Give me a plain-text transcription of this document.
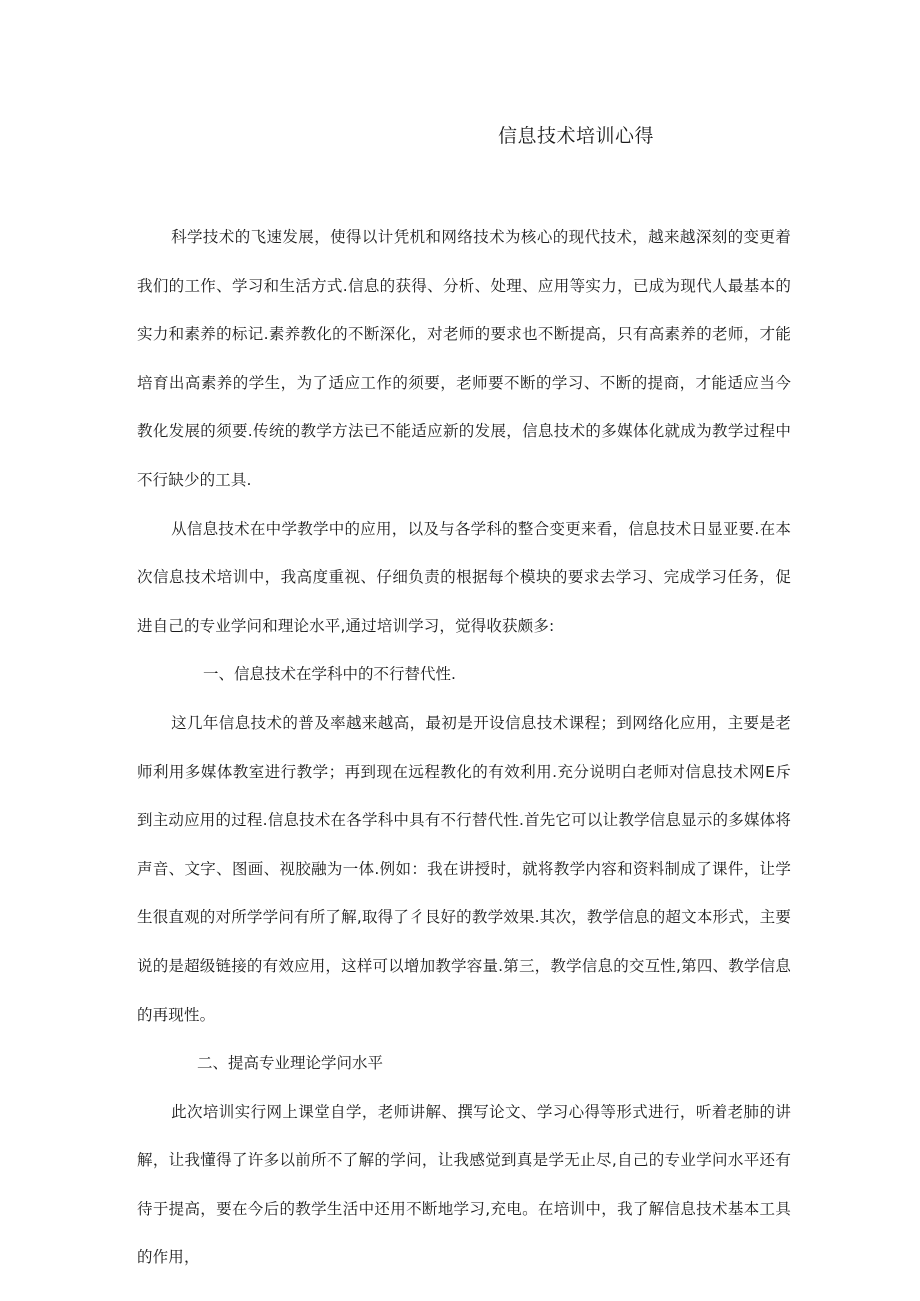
信息技术培训心得

科学技术的飞速发展，使得以计凭机和网络技术为核心的现代技术，越来越深刻的变更着我们的工作、学习和生活方式.信息的获得、分析、处理、应用等实力，已成为现代人最基本的实力和素养的标记.素养教化的不断深化，对老师的要求也不断提高，只有高素养的老师，才能培育出高素养的学生，为了适应工作的须要，老师要不断的学习、不断的提商，才能适应当今教化发展的须要.传统的教学方法已不能适应新的发展，信息技术的多媒体化就成为教学过程中不行缺少的工具.

从信息技术在中学教学中的应用，以及与各学科的整合变更来看，信息技术日显亚要.在本次信息技术培训中，我高度重视、仔细负责的根据每个模块的要求去学习、完成学习任务，促进自己的专业学问和理论水平,通过培训学习，觉得收获颇多:

一、信息技术在学科中的不行替代性.

这几年信息技术的普及率越来越高，最初是开设信息技术课程；到网络化应用，主要是老师利用多媒体教室进行教学；再到现在远程教化的有效利用.充分说明白老师对信息技术网E斥到主动应用的过程.信息技术在各学科中具有不行替代性.首先它可以让教学信息显示的多媒体将声音、文字、图画、视胶融为一体.例如：我在讲授时，就将教学内容和资料制成了课件，让学生很直观的对所学学问有所了解,取得了彳艮好的教学效果.其次，教学信息的超文本形式，主要说的是超级链接的有效应用，这样可以增加教学容量.第三，教学信息的交互性,第四、教学信息的再现性。

二、提高专业理论学问水平

此次培训实行网上课堂自学，老师讲解、撰写论文、学习心得等形式进行，听着老肺的讲解，让我懂得了许多以前所不了解的学问，让我感觉到真是学无止尽,自己的专业学问水平还有待于提高，要在今后的教学生活中还用不断地学习,充电。在培训中，我了解信息技术基本工具的作用，
